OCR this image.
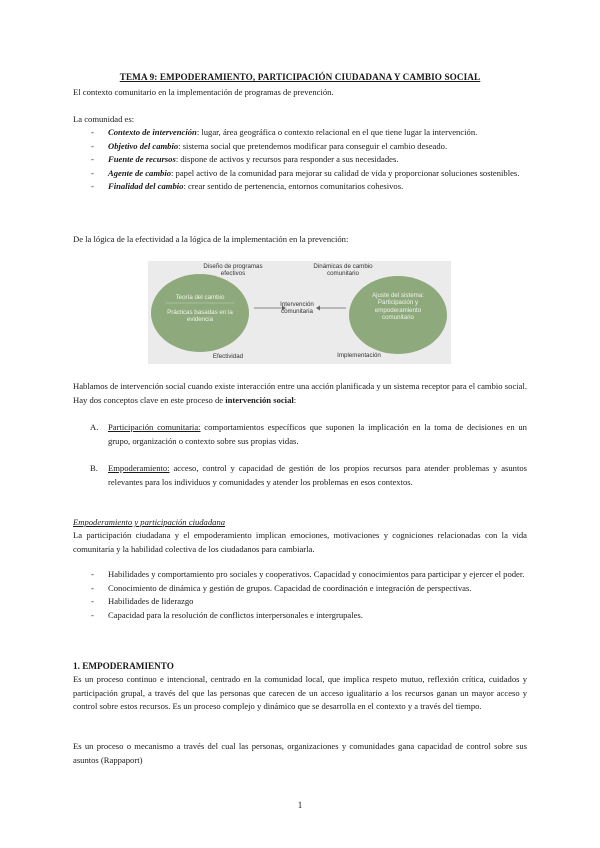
TEMA 9: EMPODERAMIENTO, PARTICIPACIÓN CIUDADANA Y CAMBIO SOCIAL
El contexto comunitario en la implementación de programas de prevención.
La comunidad es:
- Contexto de intervención: lugar, área geográfica o contexto relacional en el que tiene lugar la intervención.
- Objetivo del cambio: sistema social que pretendemos modificar para conseguir el cambio deseado.
- Fuente de recursos: dispone de activos y recursos para responder a sus necesidades.
- Agente de cambio: papel activo de la comunidad para mejorar su calidad de vida y proporcionar soluciones sostenibles.
- Finalidad del cambio: crear sentido de pertenencia, entornos comunitarios cohesivos.
De la lógica de la efectividad a la lógica de la implementación en la prevención:
Diseño de programas efectivos
Dinámicas de cambio comunitario
Teoría del cambio
Prácticas basadas en la evidencia
Intervención comunitaria
Ajuste del sistema: Participación y empoderamiento comunitario
Efectividad	Implementación
Hablamos de intervención social cuando existe interacción entre una acción planificada y un sistema receptor para el cambio social. Hay dos conceptos clave en este proceso de intervención social:
A. Participación comunitaria: comportamientos específicos que suponen la implicación en la toma de decisiones en un grupo, organización o contexto sobre sus propias vidas.
B. Empoderamiento: acceso, control y capacidad de gestión de los propios recursos para atender problemas y asuntos relevantes para los individuos y comunidades y atender los problemas en esos contextos.
Empoderamiento y participación ciudadana
La participación ciudadana y el empoderamiento implican emociones, motivaciones y cogniciones relacionadas con la vida comunitaria y la habilidad colectiva de los ciudadanos para cambiarla.
- Habilidades y comportamiento pro sociales y cooperativos. Capacidad y conocimientos para participar y ejercer el poder.
- Conocimiento de dinámica y gestión de grupos. Capacidad de coordinación e integración de perspectivas.
- Habilidades de liderazgo
- Capacidad para la resolución de conflictos interpersonales e intergrupales.
1. EMPODERAMIENTO
Es un proceso continuo e intencional, centrado en la comunidad local, que implica respeto mutuo, reflexión crítica, cuidados y participación grupal, a través del que las personas que carecen de un acceso igualitario a los recursos ganan un mayor acceso y control sobre estos recursos. Es un proceso complejo y dinámico que se desarrolla en el contexto y a través del tiempo.
Es un proceso o mecanismo a través del cual las personas, organizaciones y comunidades gana capacidad de control sobre sus asuntos (Rappaport)
1
